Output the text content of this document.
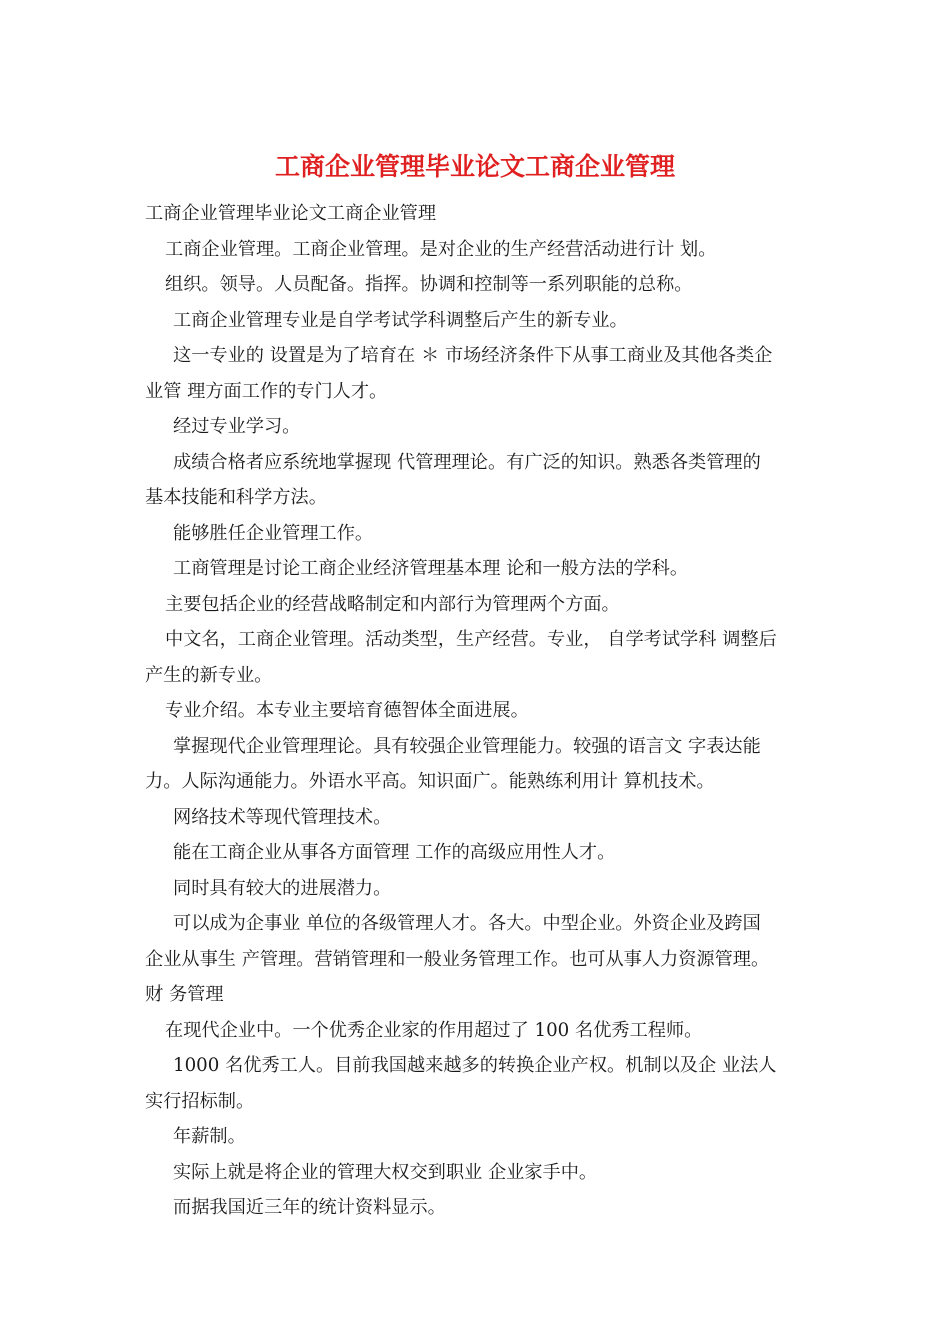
工商企业管理毕业论文工商企业管理
工商企业管理毕业论文工商企业管理
工商企业管理。工商企业管理。是对企业的生产经营活动进行计 划。
组织。领导。人员配备。指挥。协调和控制等一系列职能的总称。
工商企业管理专业是自学考试学科调整后产生的新专业。
这一专业的 设置是为了培育在 ＊ 市场经济条件下从事工商业及其他各类企
业管 理方面工作的专门人才。
经过专业学习。
成绩合格者应系统地掌握现 代管理理论。有广泛的知识。熟悉各类管理的
基本技能和科学方法。
能够胜任企业管理工作。
工商管理是讨论工商企业经济管理基本理 论和一般方法的学科。
主要包括企业的经营战略制定和内部行为管理两个方面。
中文名，工商企业管理。活动类型，生产经营。专业， 自学考试学科 调整后
产生的新专业。
专业介绍。本专业主要培育德智体全面进展。
掌握现代企业管理理论。具有较强企业管理能力。较强的语言文 字表达能
力。人际沟通能力。外语水平高。知识面广。能熟练利用计 算机技术。
网络技术等现代管理技术。
能在工商企业从事各方面管理 工作的高级应用性人才。
同时具有较大的进展潜力。
可以成为企事业 单位的各级管理人才。各大。中型企业。外资企业及跨国
企业从事生 产管理。营销管理和一般业务管理工作。也可从事人力资源管理。
财 务管理
在现代企业中。一个优秀企业家的作用超过了 100 名优秀工程师。
1000 名优秀工人。目前我国越来越多的转换企业产权。机制以及企 业法人
实行招标制。
年薪制。
实际上就是将企业的管理大权交到职业 企业家手中。
而据我国近三年的统计资料显示。
